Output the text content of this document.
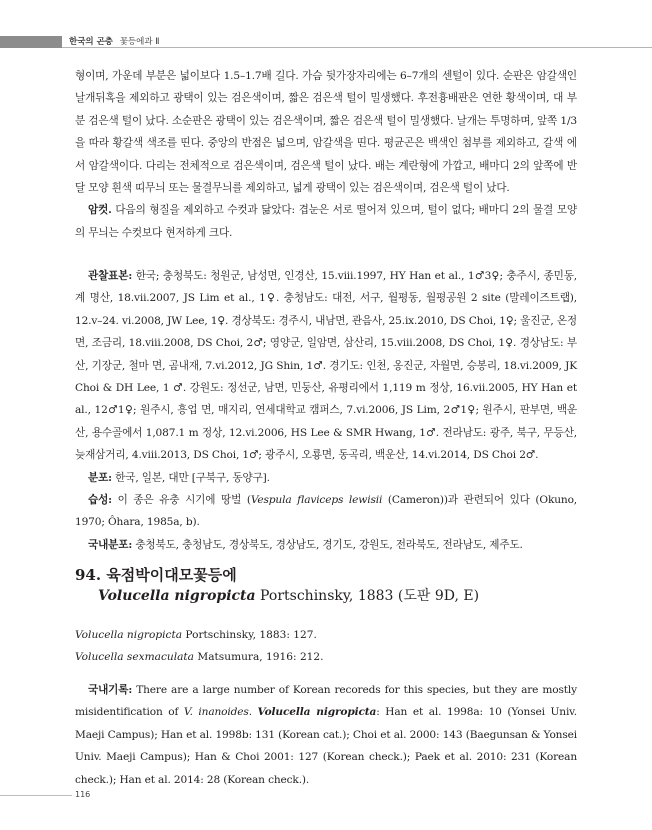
한국의 곤충 꽃등에과 Ⅱ

형이며, 가운데 부분은 넓이보다 1.5–1.7배 길다. 가슴 뒷가장자리에는 6–7개의 센털이 있다. 순판은 암갈색인 날개뒤혹을 제외하고 광택이 있는 검은색이며, 짧은 검은색 털이 밀생했다. 후전흉배판은 연한 황색이며, 대 부분 검은색 털이 났다. 소순판은 광택이 있는 검은색이며, 짧은 검은색 털이 밀생했다. 날개는 투명하며, 앞쪽 1/3을 따라 황갈색 색조를 띤다. 중앙의 반점은 넓으며, 암갈색을 띤다. 평균곤은 백색인 첨부를 제외하고, 갈색 에서 암갈색이다. 다리는 전체적으로 검은색이며, 검은색 털이 났다. 배는 계란형에 가깝고, 배마디 2의 앞쪽에 반달 모양 흰색 띠무늬 또는 물결무늬를 제외하고, 넓게 광택이 있는 검은색이며, 검은색 털이 났다.

암컷. 다음의 형질을 제외하고 수컷과 닮았다: 겹눈은 서로 떨어져 있으며, 털이 없다; 배마디 2의 물결 모양 의 무늬는 수컷보다 현저하게 크다.

관찰표본: 한국; 충청북도: 청원군, 남성면, 인경산, 15.viii.1997, HY Han et al., 1♂3♀; 충주시, 종민동, 계 명산, 18.vii.2007, JS Lim et al., 1♀. 충청남도: 대전, 서구, 월평동, 월평공원 2 site (말레이즈트랩), 12.v–24. vi.2008, JW Lee, 1♀. 경상북도: 경주시, 내남면, 관음사, 25.ix.2010, DS Choi, 1♀; 울진군, 온정면, 조금리, 18.viii.2008, DS Choi, 2♂; 영양군, 일암면, 삼산리, 15.viii.2008, DS Choi, 1♀. 경상남도: 부산, 기장군, 철마 면, 곰내재, 7.vi.2012, JG Shin, 1♂. 경기도: 인천, 옹진군, 자월면, 승봉리, 18.vi.2009, JK Choi & DH Lee, 1 ♂. 강원도: 정선군, 남면, 민둥산, 유평리에서 1,119 m 정상, 16.vii.2005, HY Han et al., 12♂1♀; 원주시, 흥업 면, 매지리, 연세대학교 캠퍼스, 7.vi.2006, JS Lim, 2♂1♀; 원주시, 판부면, 백운산, 용수골에서 1,087.1 m 정상, 12.vi.2006, HS Lee & SMR Hwang, 1♂. 전라남도: 광주, 북구, 무등산, 늦재삼거리, 4.viii.2013, DS Choi, 1♂; 광주시, 오룡면, 동곡리, 백운산, 14.vi.2014, DS Choi 2♂.

분포: 한국, 일본, 대만 [구북구, 동양구].

습성: 이 종은 유충 시기에 땅벌 (Vespula flaviceps lewisii (Cameron))과 관련되어 있다 (Okuno, 1970; Ôhara, 1985a, b).

국내분포: 충청북도, 충청남도, 경상북도, 경상남도, 경기도, 강원도, 전라북도, 전라남도, 제주도.

94. 육점박이대모꽃등에
Volucella nigropicta Portschinsky, 1883 (도판 9D, E)

Volucella nigropicta Portschinsky, 1883: 127.

Volucella sexmaculata Matsumura, 1916: 212.

국내기록: There are a large number of Korean recoreds for this species, but they are mostly misidentification of V. inanoides. Volucella nigropicta: Han et al. 1998a: 10 (Yonsei Univ. Maeji Campus); Han et al. 1998b: 131 (Korean cat.); Choi et al. 2000: 143 (Baegunsan & Yonsei Univ. Maeji Campus); Han & Choi 2001: 127 (Korean check.); Paek et al. 2010: 231 (Korean check.); Han et al. 2014: 28 (Korean check.).

116
